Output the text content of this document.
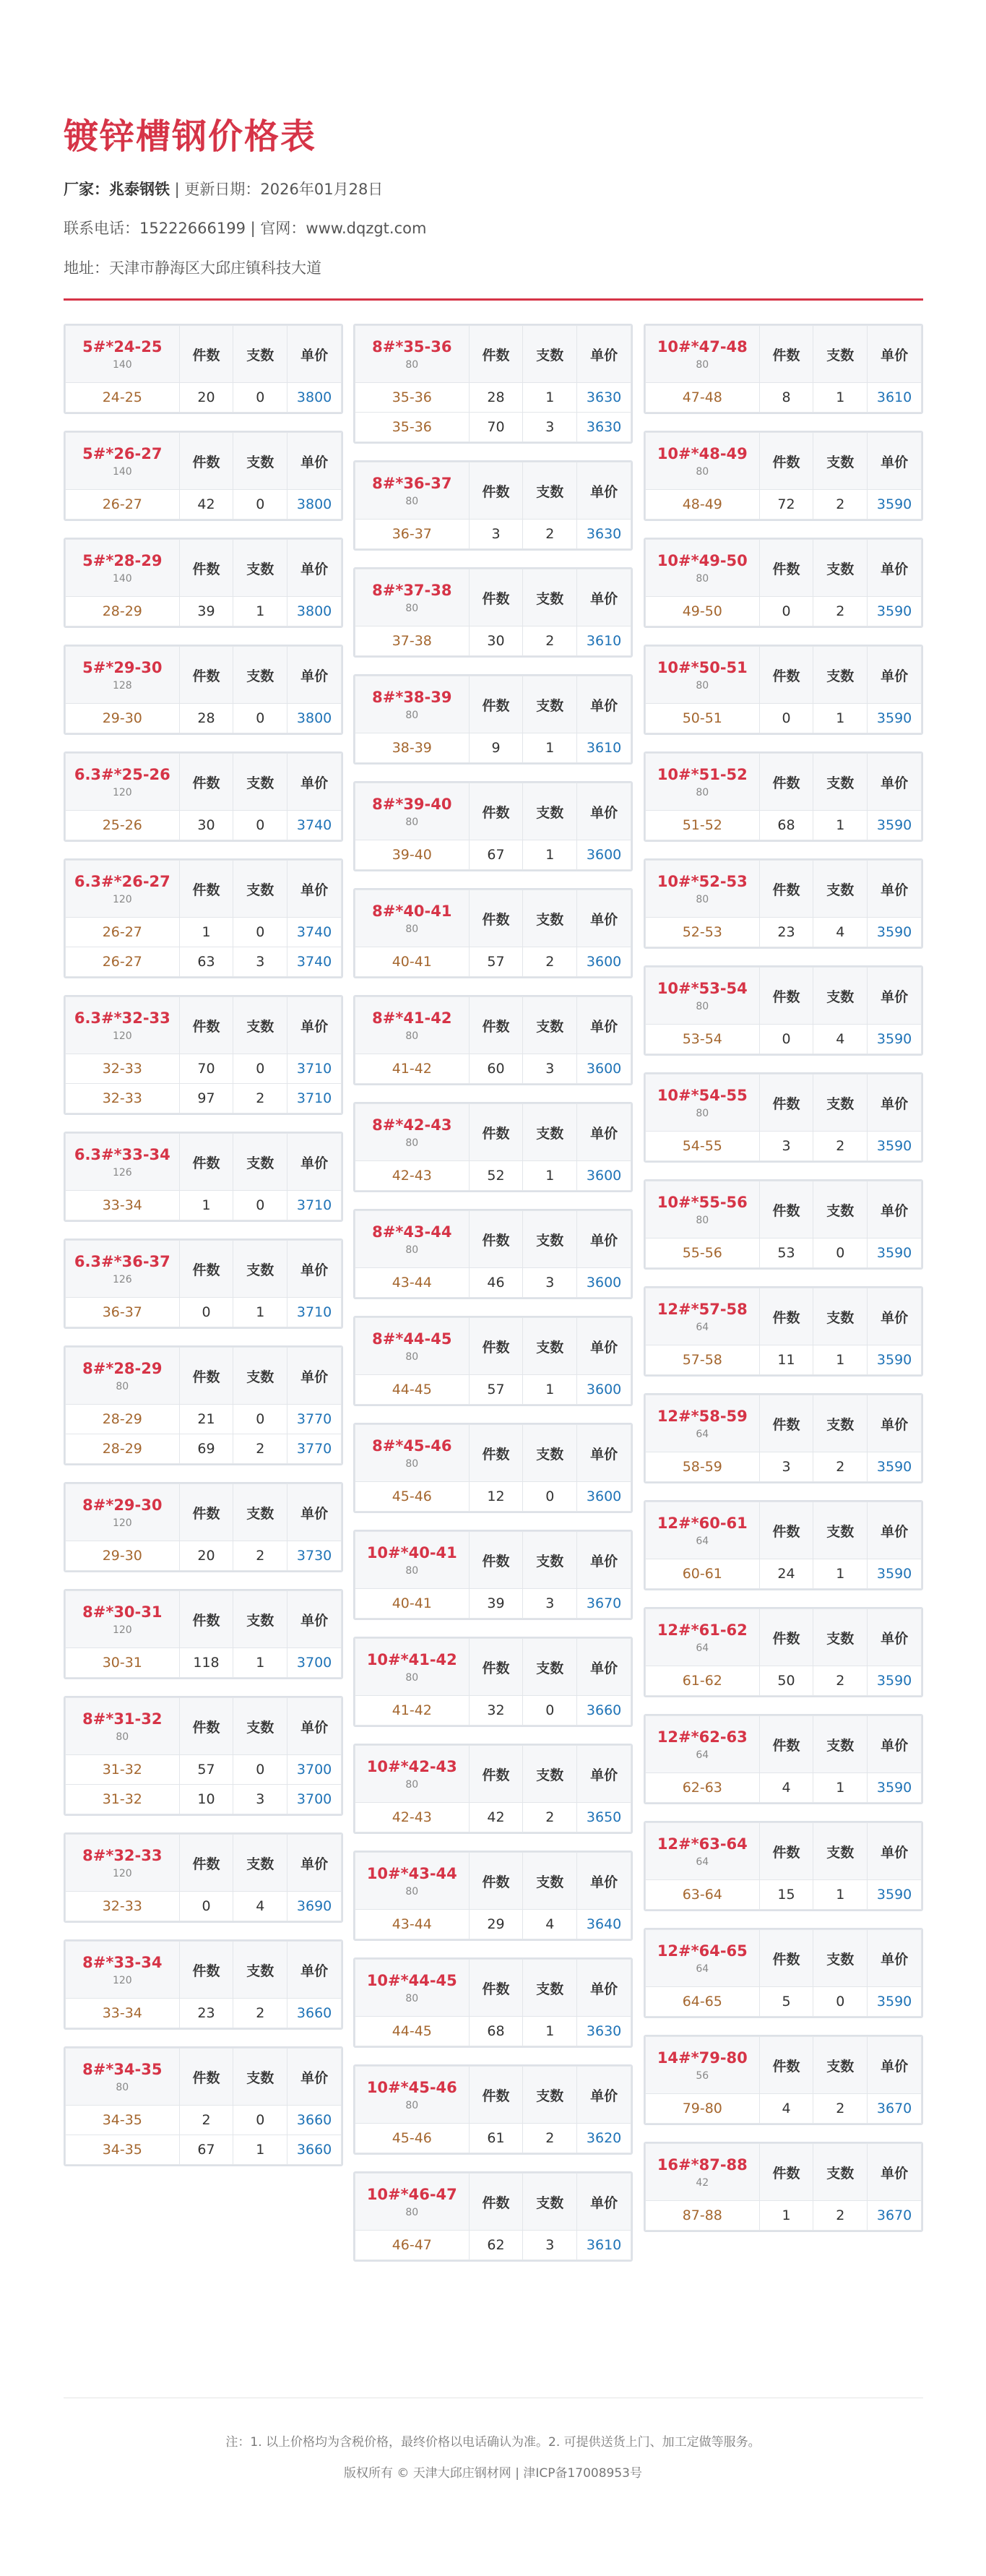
镀锌槽钢价格表
厂家：兆泰钢铁 | 更新日期：2026年01月28日
联系电话：15222666199 | 官网：www.dqzgt.com
地址：天津市静海区大邱庄镇科技大道
5#*24-25
140	件数	支数	单价
24-25	20	0	3800
5#*26-27
140	件数	支数	单价
26-27	42	0	3800
5#*28-29
140	件数	支数	单价
28-29	39	1	3800
5#*29-30
128	件数	支数	单价
29-30	28	0	3800
6.3#*25-26
120	件数	支数	单价
25-26	30	0	3740
6.3#*26-27
120	件数	支数	单价
26-27	1	0	3740
26-27	63	3	3740
6.3#*32-33
120	件数	支数	单价
32-33	70	0	3710
32-33	97	2	3710
6.3#*33-34
126	件数	支数	单价
33-34	1	0	3710
6.3#*36-37
126	件数	支数	单价
36-37	0	1	3710
8#*28-29
80	件数	支数	单价
28-29	21	0	3770
28-29	69	2	3770
8#*29-30
120	件数	支数	单价
29-30	20	2	3730
8#*30-31
120	件数	支数	单价
30-31	118	1	3700
8#*31-32
80	件数	支数	单价
31-32	57	0	3700
31-32	10	3	3700
8#*32-33
120	件数	支数	单价
32-33	0	4	3690
8#*33-34
120	件数	支数	单价
33-34	23	2	3660
8#*34-35
80	件数	支数	单价
34-35	2	0	3660
34-35	67	1	3660
8#*35-36
80	件数	支数	单价
35-36	28	1	3630
35-36	70	3	3630
8#*36-37
80	件数	支数	单价
36-37	3	2	3630
8#*37-38
80	件数	支数	单价
37-38	30	2	3610
8#*38-39
80	件数	支数	单价
38-39	9	1	3610
8#*39-40
80	件数	支数	单价
39-40	67	1	3600
8#*40-41
80	件数	支数	单价
40-41	57	2	3600
8#*41-42
80	件数	支数	单价
41-42	60	3	3600
8#*42-43
80	件数	支数	单价
42-43	52	1	3600
8#*43-44
80	件数	支数	单价
43-44	46	3	3600
8#*44-45
80	件数	支数	单价
44-45	57	1	3600
8#*45-46
80	件数	支数	单价
45-46	12	0	3600
10#*40-41
80	件数	支数	单价
40-41	39	3	3670
10#*41-42
80	件数	支数	单价
41-42	32	0	3660
10#*42-43
80	件数	支数	单价
42-43	42	2	3650
10#*43-44
80	件数	支数	单价
43-44	29	4	3640
10#*44-45
80	件数	支数	单价
44-45	68	1	3630
10#*45-46
80	件数	支数	单价
45-46	61	2	3620
10#*46-47
80	件数	支数	单价
46-47	62	3	3610
10#*47-48
80	件数	支数	单价
47-48	8	1	3610
10#*48-49
80	件数	支数	单价
48-49	72	2	3590
10#*49-50
80	件数	支数	单价
49-50	0	2	3590
10#*50-51
80	件数	支数	单价
50-51	0	1	3590
10#*51-52
80	件数	支数	单价
51-52	68	1	3590
10#*52-53
80	件数	支数	单价
52-53	23	4	3590
10#*53-54
80	件数	支数	单价
53-54	0	4	3590
10#*54-55
80	件数	支数	单价
54-55	3	2	3590
10#*55-56
80	件数	支数	单价
55-56	53	0	3590
12#*57-58
64	件数	支数	单价
57-58	11	1	3590
12#*58-59
64	件数	支数	单价
58-59	3	2	3590
12#*60-61
64	件数	支数	单价
60-61	24	1	3590
12#*61-62
64	件数	支数	单价
61-62	50	2	3590
12#*62-63
64	件数	支数	单价
62-63	4	1	3590
12#*63-64
64	件数	支数	单价
63-64	15	1	3590
12#*64-65
64	件数	支数	单价
64-65	5	0	3590
14#*79-80
56	件数	支数	单价
79-80	4	2	3670
16#*87-88
42	件数	支数	单价
87-88	1	2	3670
注：1. 以上价格均为含税价格，最终价格以电话确认为准。2. 可提供送货上门、加工定做等服务。
版权所有 © 天津大邱庄钢材网 | 津ICP备17008953号
